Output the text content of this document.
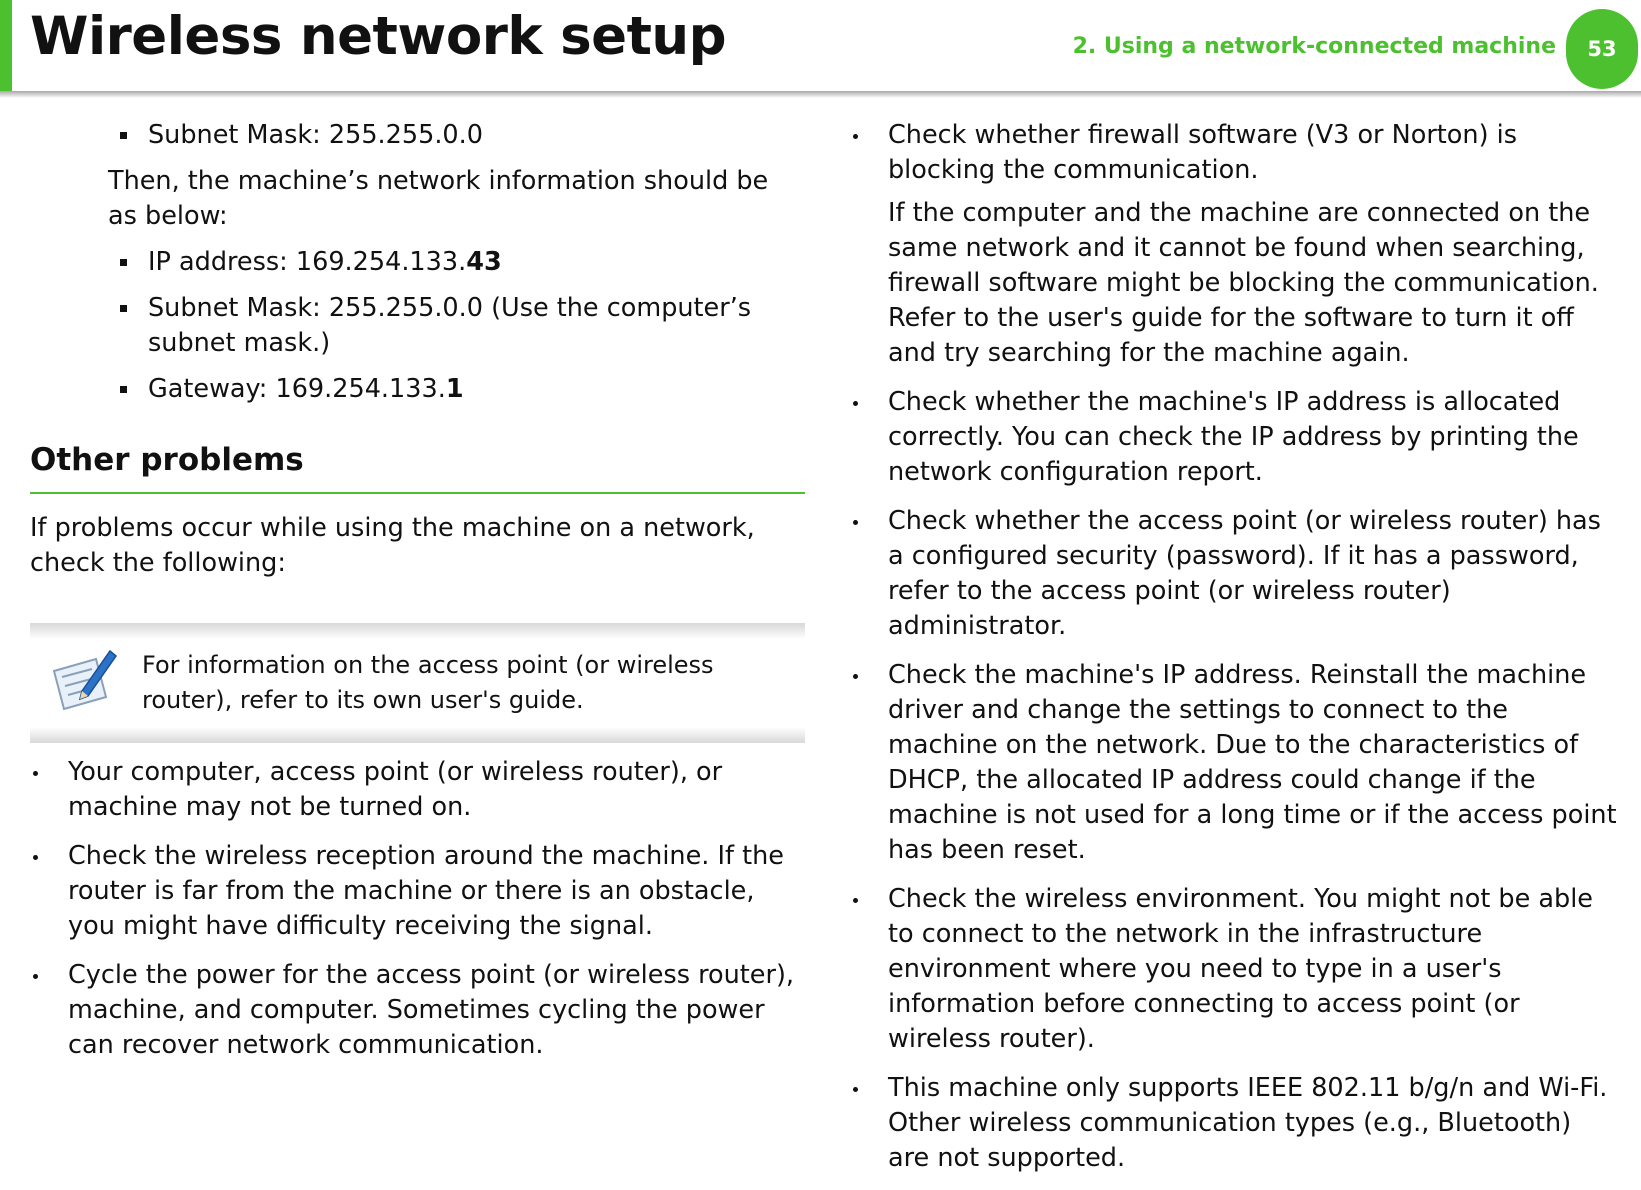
Wireless network setup	2. Using a network-connected machine	53

Subnet Mask: 255.255.0.0

Then, the machine’s network information should be as below:

IP address: 169.254.133.43

Subnet Mask: 255.255.0.0 (Use the computer’s subnet mask.)

Gateway: 169.254.133.1

Other problems

If problems occur while using the machine on a network, check the following:

For information on the access point (or wireless router), refer to its own user's guide.

Your computer, access point (or wireless router), or machine may not be turned on.

Check the wireless reception around the machine. If the router is far from the machine or there is an obstacle, you might have difficulty receiving the signal.

Cycle the power for the access point (or wireless router), machine, and computer. Sometimes cycling the power can recover network communication.

Check whether firewall software (V3 or Norton) is blocking the communication.

If the computer and the machine are connected on the same network and it cannot be found when searching, firewall software might be blocking the communication. Refer to the user's guide for the software to turn it off and try searching for the machine again.

Check whether the machine's IP address is allocated correctly. You can check the IP address by printing the network configuration report.

Check whether the access point (or wireless router) has a configured security (password). If it has a password, refer to the access point (or wireless router) administrator.

Check the machine's IP address. Reinstall the machine driver and change the settings to connect to the machine on the network. Due to the characteristics of DHCP, the allocated IP address could change if the machine is not used for a long time or if the access point has been reset.

Check the wireless environment. You might not be able to connect to the network in the infrastructure environment where you need to type in a user's information before connecting to access point (or wireless router).

This machine only supports IEEE 802.11 b/g/n and Wi-Fi. Other wireless communication types (e.g., Bluetooth) are not supported.
